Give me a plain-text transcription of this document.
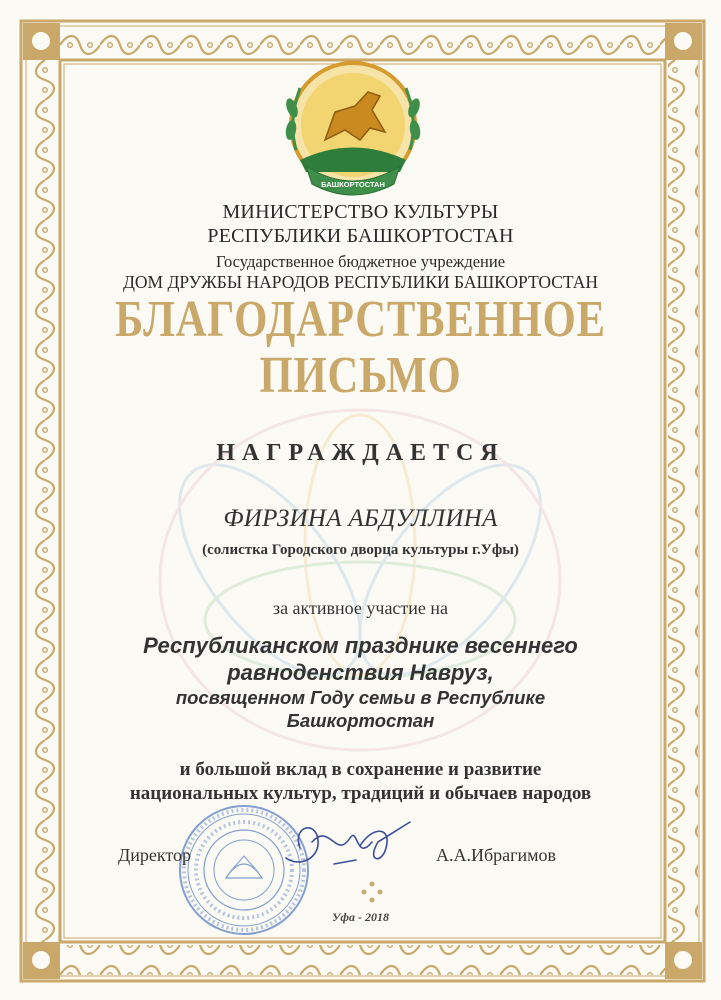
БАШКОРТОСТАН
МИНИСТЕРСТВО КУЛЬТУРЫ
РЕСПУБЛИКИ БАШКОРТОСТАН
Государственное бюджетное учреждение
ДОМ ДРУЖБЫ НАРОДОВ РЕСПУБЛИКИ БАШКОРТОСТАН
БЛАГОДАРСТВЕННОЕ
ПИСЬМО
НАГРАЖДАЕТСЯ
ФИРЗИНА АБДУЛЛИНА
(солистка Городского дворца культуры г.Уфы)
за активное участие на
Республиканском празднике весеннего
равноденствия Навруз,
посвященном Году семьи в Республике
Башкортостан
и большой вклад в сохранение и развитие
национальных культур, традиций и обычаев народов
Директор	А.А.Ибрагимов
Уфа - 2018
